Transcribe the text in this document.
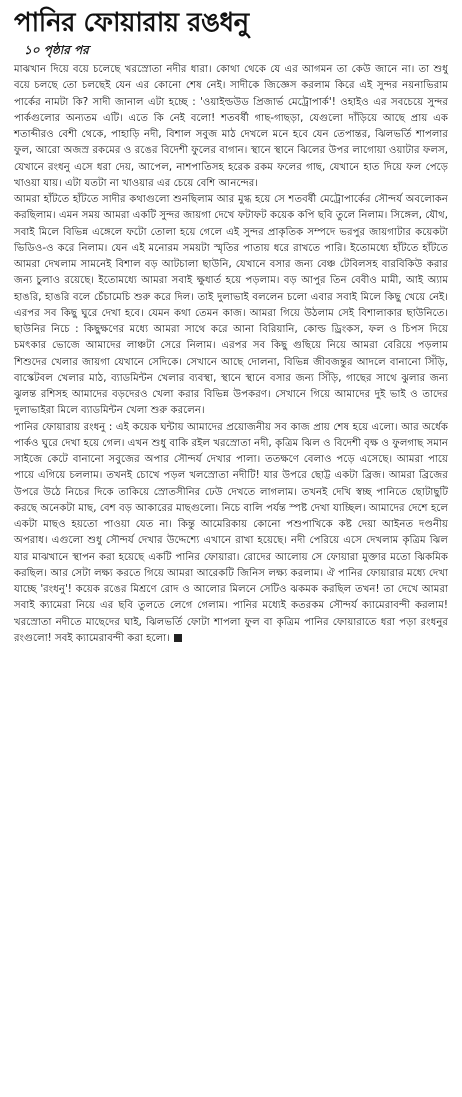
পানির ফোয়ারায় রঙধনু
১০ পৃষ্ঠার পর

মাঝখান দিয়ে বয়ে চলেছে খরস্রোতা নদীর ধারা। কোথা থেকে যে এর আগমন তা কেউ জানে না। তা শুধু বয়ে চলছে তো চলছেই যেন এর কোনো শেষ নেই। সাদীকে জিজ্ঞেস করলাম কিরে এই সুন্দর নয়নাভিরাম পার্কের নামটা কি? সাদী জানাল এটা হচ্ছে : 'ওয়াইল্ডউড প্রিজার্ভ মেট্রোপার্ক'! ওহাইও এর সবচেয়ে সুন্দর পার্কগুলোর অন্যতম এটি। এতে কি নেই বলো! শতবর্ষী গাছ-গাছড়া, যেগুলো দাঁড়িয়ে আছে প্রায় এক শতাব্দীরও বেশী থেকে, পাহাড়ি নদী, বিশাল সবুজ মাঠ দেখলে মনে হবে যেন তেপান্তর, ঝিলভর্তি শাপলার ফুল, আরো অজস্র রকমের ও রঙের বিদেশী ফুলের বাগান। স্থানে স্থানে ঝিলের উপর লাগোয়া ওয়াটার ফলস, যেখানে রংধনু এসে ধরা দেয়, আপেল, নাশপাতিসহ হরেক রকম ফলের গাছ, যেখানে হাত দিয়ে ফল পেড়ে খাওয়া যায়। এটা যতটা না খাওয়ার এর চেয়ে বেশি আনন্দের।

আমরা হাঁটতে হাঁটতে সাদীর কথাগুলো শুনছিলাম আর মুগ্ধ হয়ে সে শতবর্ষী মেট্রোপার্কের সৌন্দর্য অবলোকন করছিলাম। এমন সময় আমরা একটি সুন্দর জায়গা দেখে ফটাফট কয়েক কপি ছবি তুলে নিলাম। সিঙ্গেল, যৌথ, সবাই মিলে বিভিন্ন এঙ্গেলে ফটো তোলা হয়ে গেলে এই সুন্দর প্রাকৃতিক সম্পদে ভরপুর জায়গাটার কয়েকটা ভিডিও-ও করে নিলাম। যেন এই মনোরম সময়টা স্মৃতির পাতায় ধরে রাখতে পারি। ইতোমধ্যে হাঁটতে হাঁটতে আমরা দেখলাম সামনেই বিশাল বড় আটচালা ছাউনি, যেখানে বসার জন্য বেঞ্চ টেবিলসহ বারবিকিউ করার জন্য চুলাও রয়েছে। ইতোমধ্যে আমরা সবাই ক্ষুধার্ত হয়ে পড়লাম। বড় আপুর তিন বেবীও মামী, আই অ্যাম হাঙরি, হাঙরি বলে চেঁচামেচি শুরু করে দিল। তাই দুলাভাই বললেন চলো এবার সবাই মিলে কিছু খেয়ে নেই। এরপর সব কিছু ঘুরে দেখা হবে। যেমন কথা তেমন কাজ। আমরা গিয়ে উঠলাম সেই বিশালাকার ছাউনিতে। ছাউনির নিচে : কিছুক্ষণের মধ্যে আমরা সাথে করে আনা বিরিয়ানি, কোল্ড ড্রিংকস, ফল ও চিপস দিয়ে চমৎকার ভোজে আমাদের লাঞ্চটা সেরে নিলাম। এরপর সব কিছু গুছিয়ে নিয়ে আমরা বেরিয়ে পড়লাম শিশুদের খেলার জায়গা যেখানে সেদিকে। সেখানে আছে দোলনা, বিভিন্ন জীবজন্তুর আদলে বানানো সিঁড়ি, বাস্কেটবল খেলার মাঠ, ব্যাডমিন্টন খেলার ব্যবস্থা, স্থানে স্থানে বসার জন্য সিঁড়ি, গাছের সাথে ঝুলার জন্য ঝুলন্ত রশিসহ আমাদের বড়দেরও খেলা করার বিভিন্ন উপকরণ। সেখানে গিয়ে আমাদের দুই ভাই ও তাদের দুলাভাইরা মিলে ব্যাডমিন্টন খেলা শুরু করলেন।

পানির ফোয়ারায় রংধনু : এই কয়েক ঘন্টায় আমাদের প্রয়োজনীয় সব কাজ প্রায় শেষ হয়ে এলো। আর অর্ধেক পার্কও ঘুরে দেখা হয়ে গেল। এখন শুধু বাকি রইল খরস্রোতা নদী, কৃত্রিম ঝিল ও বিদেশী বৃক্ষ ও ফুলগাছ সমান সাইজে কেটে বানানো সবুজের অপার সৌন্দর্য দেখার পালা। ততক্ষণে বেলাও পড়ে এসেছে। আমরা পায়ে পায়ে এগিয়ে চললাম। তখনই চোখে পড়ল খলস্রোতা নদীটি! যার উপরে ছোট্ট একটা ব্রিজ। আমরা ব্রিজের উপরে উঠে নিচের দিকে তাকিয়ে স্রোতসীনির ঢেউ দেখতে লাগলাম। তখনই দেখি স্বচ্ছ পানিতে ছোটাছুটি করছে অনেকটা মাছ, বেশ বড় আকারের মাছগুলো। নিচে বালি পর্যন্ত স্পষ্ট দেখা যাচ্ছিল। আমাদের দেশে হলে একটা মাছও হয়তো পাওয়া যেত না। কিন্তু আমেরিকায় কোনো পশুপাখিকে কষ্ট দেয়া আইনত দণ্ডনীয় অপরাধ। এগুলো শুধু সৌন্দর্য দেখার উদ্দেশ্যে এখানে রাখা হয়েছে। নদী পেরিয়ে এসে দেখলাম কৃত্রিম ঝিল যার মাঝখানে স্থাপন করা হয়েছে একটি পানির ফোয়ারা। রোদের আলোয় সে ফোয়ারা মুক্তার মতো ঝিকমিক করছিল। আর সেটা লক্ষ্য করতে গিয়ে আমরা আরেকটি জিনিস লক্ষ্য করলাম। ঐ পানির ফোয়ারার মধ্যে দেখা যাচ্ছে 'রংধনু'! কয়েক রঙের মিশ্রণে রোদ ও আলোর মিলনে সেটিও ঝকমক করছিল তখন! তা দেখে আমরা সবাই ক্যামেরা নিয়ে এর ছবি তুলতে লেগে গেলাম। পানির মধ্যেই কতরকম সৌন্দর্য ক্যামেরাবন্দী করলাম! খরস্রোতা নদীতে মাছেদের ঘাই, ঝিলভর্তি ফোটা শাপলা ফুল বা কৃত্রিম পানির ফোয়ারাতে ধরা পড়া রংধনুর রংগুলো! সবই ক্যামেরাবন্দী করা হলো।
